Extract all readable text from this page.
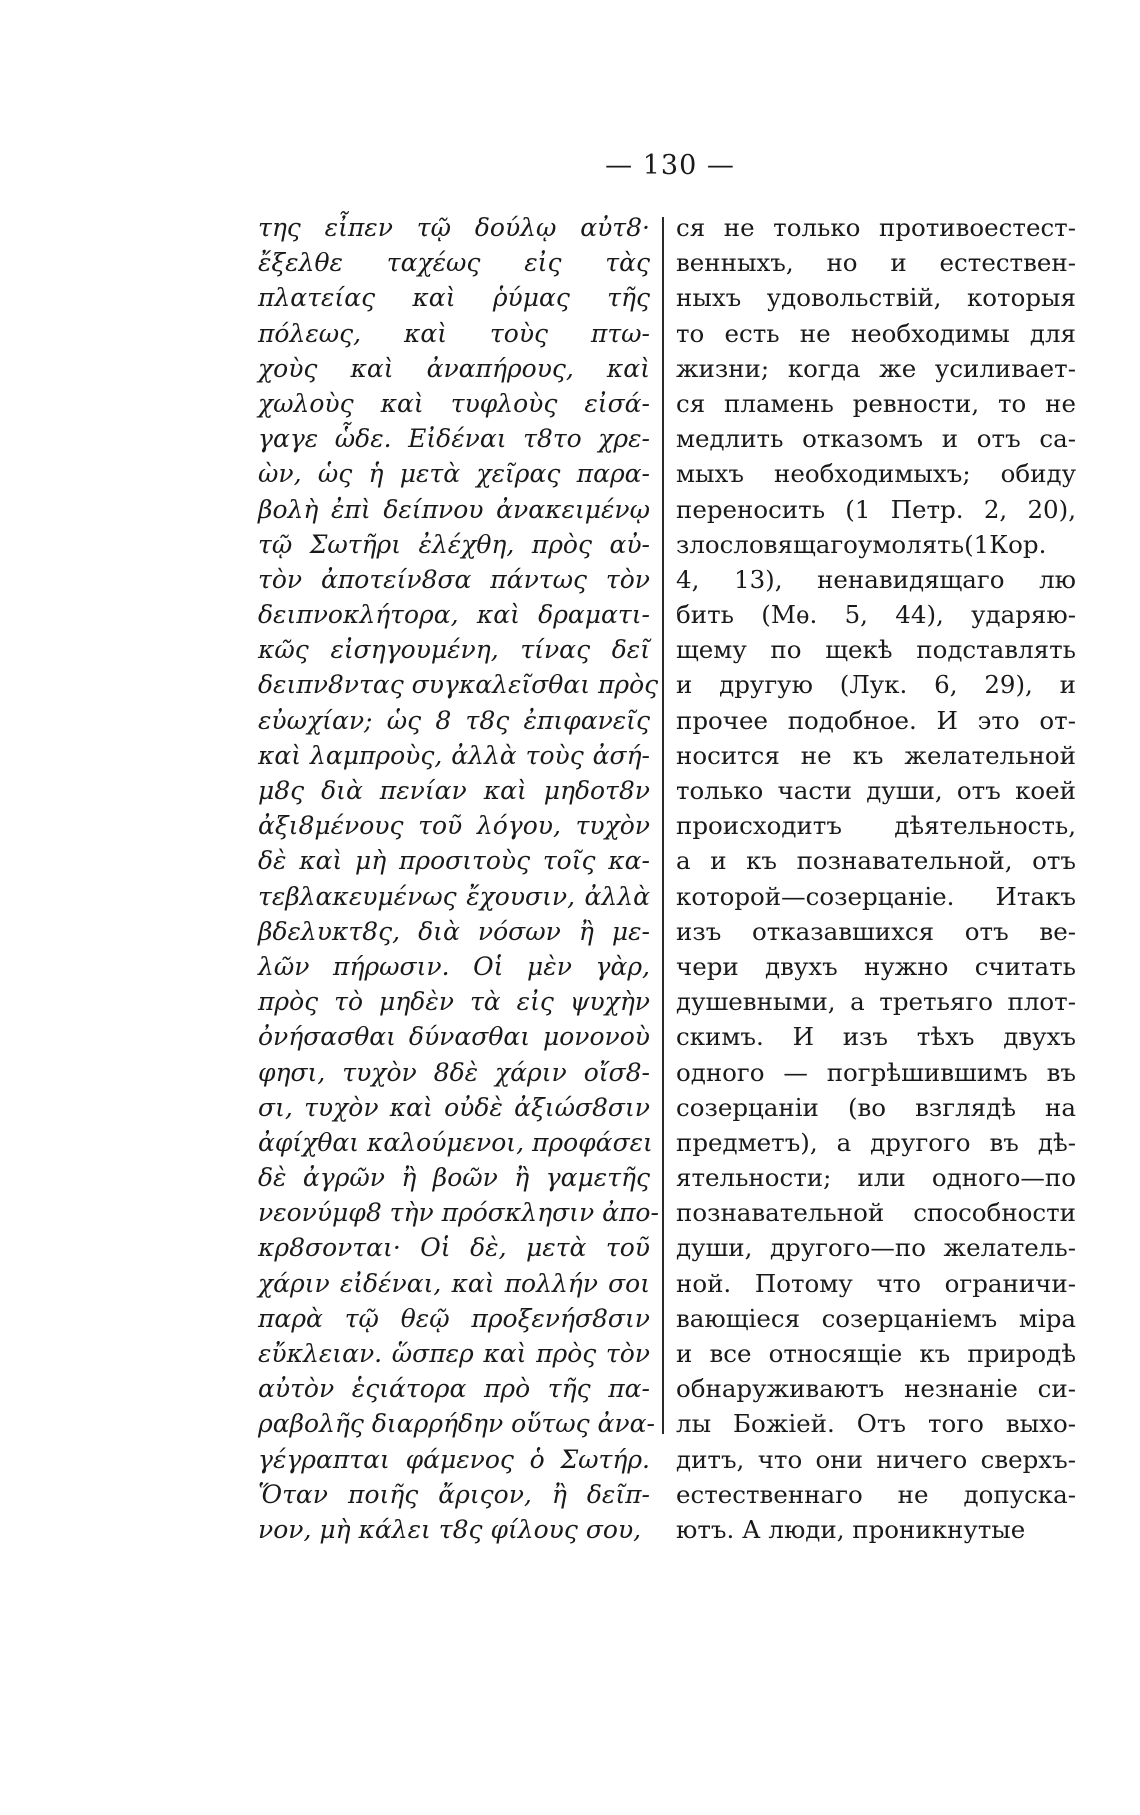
— 130 —
της εἶπεν τῷ δούλῳ αὐτ8·
ἔξελθε ταχέως εἰς τὰς
πλατείας καὶ ῥύμας τῆς
πόλεως, καὶ τοὺς πτω-
χοὺς καὶ ἀναπήρους, καὶ
χωλοὺς καὶ τυφλοὺς εἰσά-
γαγε ὧδε. Εἰδέναι τ8το χρε-
ὼν, ὡς ἡ μετὰ χεῖρας παρα-
βολὴ ἐπὶ δείπνου ἀνακειμένῳ
τῷ Σωτῆρι ἐλέχθη, πρὸς αὐ-
τὸν ἀποτείν8σα πάντως τὸν
δειπνοκλήτορα, καὶ δραματι-
κῶς εἰσηγουμένη, τίνας δεῖ
δειπν8ντας συγκαλεῖσθαι πρὸς
εὐωχίαν; ὡς 8 τ8ς ἐπιφανεῖς
καὶ λαμπροὺς, ἀλλὰ τοὺς ἀσή-
μ8ς διὰ πενίαν καὶ μηδοτ8ν
ἀξι8μένους τοῦ λόγου, τυχὸν
δὲ καὶ μὴ προσιτοὺς τοῖς κα-
τεβλακευμένως ἔχουσιν, ἀλλὰ
βδελυκτ8ς, διὰ νόσων ἢ με-
λῶν πήρωσιν. Οἱ μὲν γὰρ,
πρὸς τὸ μηδὲν τὰ εἰς ψυχὴν
ὀνήσασθαι δύνασθαι μονονοὺ
φησι, τυχὸν 8δὲ χάριν οἴσ8-
σι, τυχὸν καὶ οὐδὲ ἀξιώσ8σιν
ἀφίχθαι καλούμενοι, προφάσει
δὲ ἀγρῶν ἢ βοῶν ἢ γαμετῆς
νεονύμφ8 τὴν πρόσκλησιν ἀπο-
κρ8σονται· Οἱ δὲ, μετὰ τοῦ
χάριν εἰδέναι, καὶ πολλήν σοι
παρὰ τῷ θεῷ προξενήσ8σιν
εὔκλειαν. ὥσπερ καὶ πρὸς τὸν
αὐτὸν ἑςιάτορα πρὸ τῆς πα-
ραβολῆς διαρρήδην οὕτως ἀνα-
γέγραπται φάμενος ὁ Σωτήρ.
Ὅταν ποιῆς ἄριςον, ἢ δεῖπ-
νον, μὴ κάλει τ8ς φίλους σου,
ся не только противоестест-
венныхъ, но и естествен-
ныхъ удовольствій, которыя
то есть не необходимы для
жизни; когда же усиливает-
ся пламень ревности, то не
медлить отказомъ и отъ са-
мыхъ необходимыхъ; обиду
переносить (1 Петр. 2, 20),
злословящагоумолять(1Кор.
4, 13), ненавидящаго лю
бить (Мѳ. 5, 44), ударяю-
щему по щекѣ подставлять
и другую (Лук. 6, 29), и
прочее подобное. И это от-
носится не къ желательной
только части души, отъ коей
происходитъ дѣятельность,
а и къ познавательной, отъ
которой—созерцаніе. Итакъ
изъ отказавшихся отъ ве-
чери двухъ нужно считать
душевными, а третьяго плот-
скимъ. И изъ тѣхъ двухъ
одного — погрѣшившимъ въ
созерцаніи (во взглядѣ на
предметъ), а другого въ дѣ-
ятельности; или одного—по
познавательной способности
души, другого—по желатель-
ной. Потому что ограничи-
вающіеся созерцаніемъ міра
и все относящіе къ природѣ
обнаруживаютъ незнаніе си-
лы Божіей. Отъ того выхо-
дитъ, что они ничего сверхъ-
естественнаго не допуска-
ютъ. А люди, проникнутые
